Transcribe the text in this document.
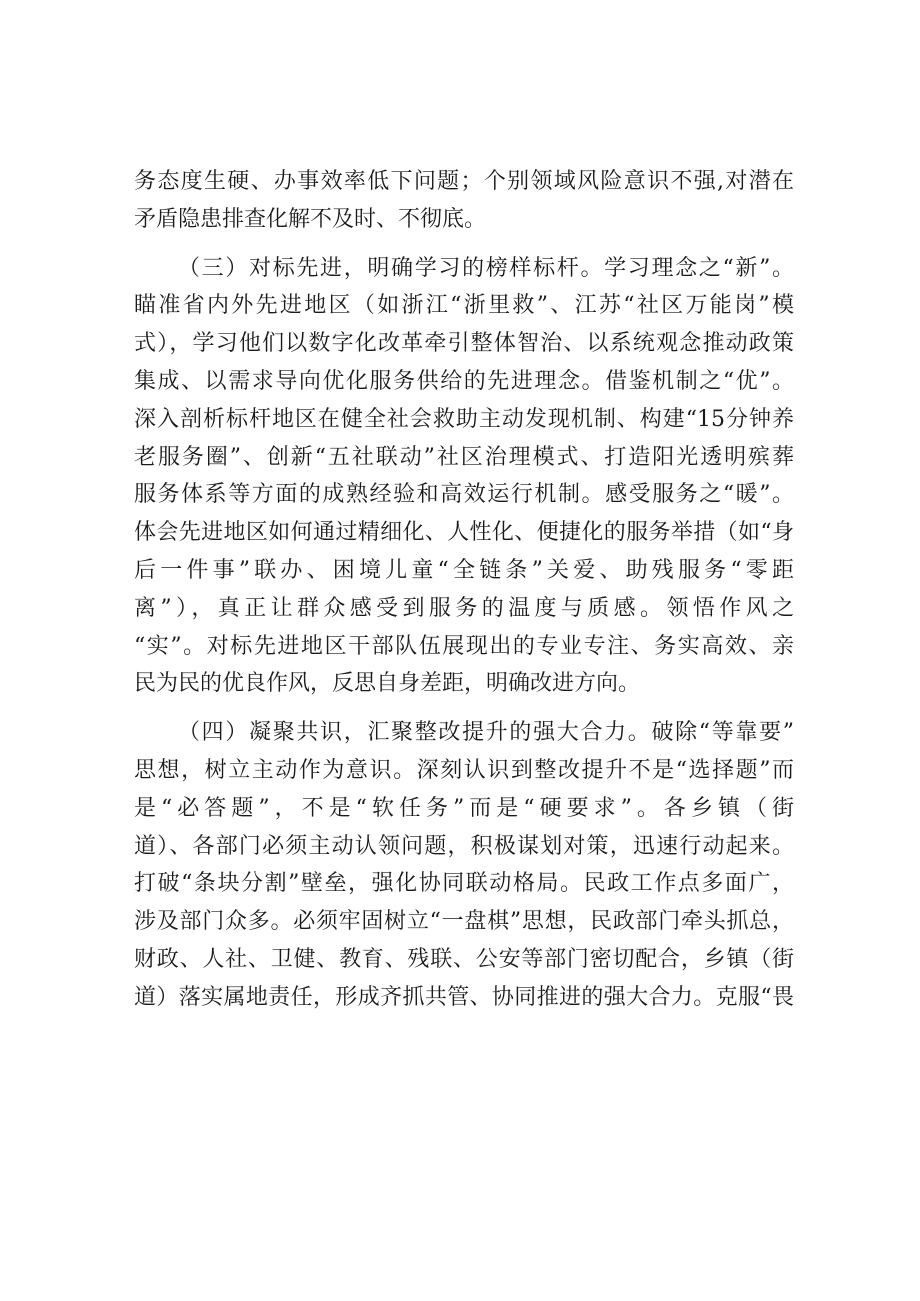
务态度生硬、办事效率低下问题；个别领域风险意识不强,对潜在
矛盾隐患排查化解不及时、不彻底。
（三）对标先进，明确学习的榜样标杆。学习理念之“新”。
瞄准省内外先进地区（如浙江“浙里救”、江苏“社区万能岗”模
式），学习他们以数字化改革牵引整体智治、以系统观念推动政策
集成、以需求导向优化服务供给的先进理念。借鉴机制之“优”。
深入剖析标杆地区在健全社会救助主动发现机制、构建“15分钟养
老服务圈”、创新“五社联动”社区治理模式、打造阳光透明殡葬
服务体系等方面的成熟经验和高效运行机制。感受服务之“暖”。
体会先进地区如何通过精细化、人性化、便捷化的服务举措（如“身
后一件事”联办、困境儿童“全链条”关爱、助残服务“零距
离”），真正让群众感受到服务的温度与质感。领悟作风之
“实”。对标先进地区干部队伍展现出的专业专注、务实高效、亲
民为民的优良作风，反思自身差距，明确改进方向。
（四）凝聚共识，汇聚整改提升的强大合力。破除“等靠要”
思想，树立主动作为意识。深刻认识到整改提升不是“选择题”而
是“必答题”，不是“软任务”而是“硬要求”。各乡镇（街
道）、各部门必须主动认领问题，积极谋划对策，迅速行动起来。
打破“条块分割”壁垒，强化协同联动格局。民政工作点多面广，
涉及部门众多。必须牢固树立“一盘棋”思想，民政部门牵头抓总，
财政、人社、卫健、教育、残联、公安等部门密切配合，乡镇（街
道）落实属地责任，形成齐抓共管、协同推进的强大合力。克服“畏
